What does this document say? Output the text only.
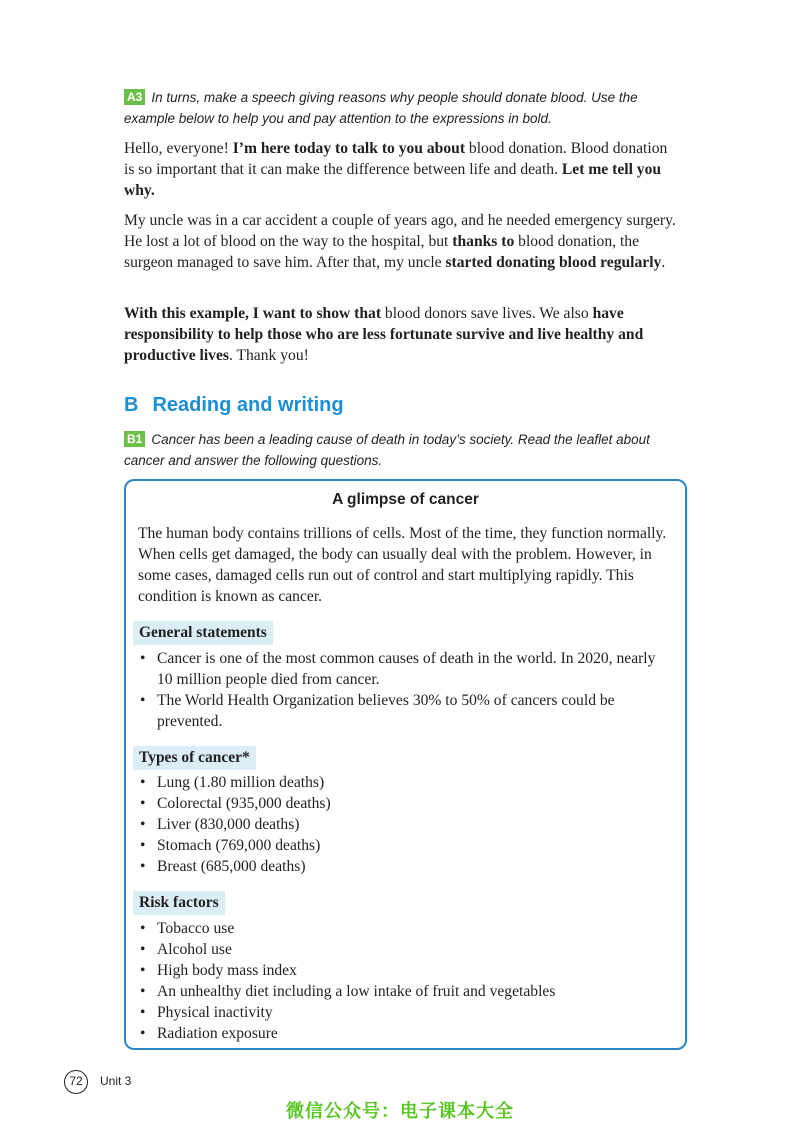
A3 In turns, make a speech giving reasons why people should donate blood. Use the example below to help you and pay attention to the expressions in bold.

Hello, everyone! I’m here today to talk to you about blood donation. Blood donation is so important that it can make the difference between life and death. Let me tell you why.

My uncle was in a car accident a couple of years ago, and he needed emergency surgery. He lost a lot of blood on the way to the hospital, but thanks to blood donation, the surgeon managed to save him. After that, my uncle started donating blood regularly.

With this example, I want to show that blood donors save lives. We also have responsibility to help those who are less fortunate survive and live healthy and productive lives. Thank you!

B Reading and writing
B1 Cancer has been a leading cause of death in today’s society. Read the leaflet about cancer and answer the following questions.
A glimpse of cancer

The human body contains trillions of cells. Most of the time, they function normally. When cells get damaged, the body can usually deal with the problem. However, in some cases, damaged cells run out of control and start multiplying rapidly. This condition is known as cancer.

General statements
• Cancer is one of the most common causes of death in the world. In 2020, nearly 10 million people died from cancer.
• The World Health Organization believes 30% to 50% of cancers could be prevented.
Types of cancer*
• Lung (1.80 million deaths)
• Colorectal (935,000 deaths)
• Liver (830,000 deaths)
• Stomach (769,000 deaths)
• Breast (685,000 deaths)
Risk factors
• Tobacco use
• Alcohol use
• High body mass index
• An unhealthy diet including a low intake of fruit and vegetables
• Physical inactivity
• Radiation exposure
72	Unit 3
微信公众号：电子课本大全
